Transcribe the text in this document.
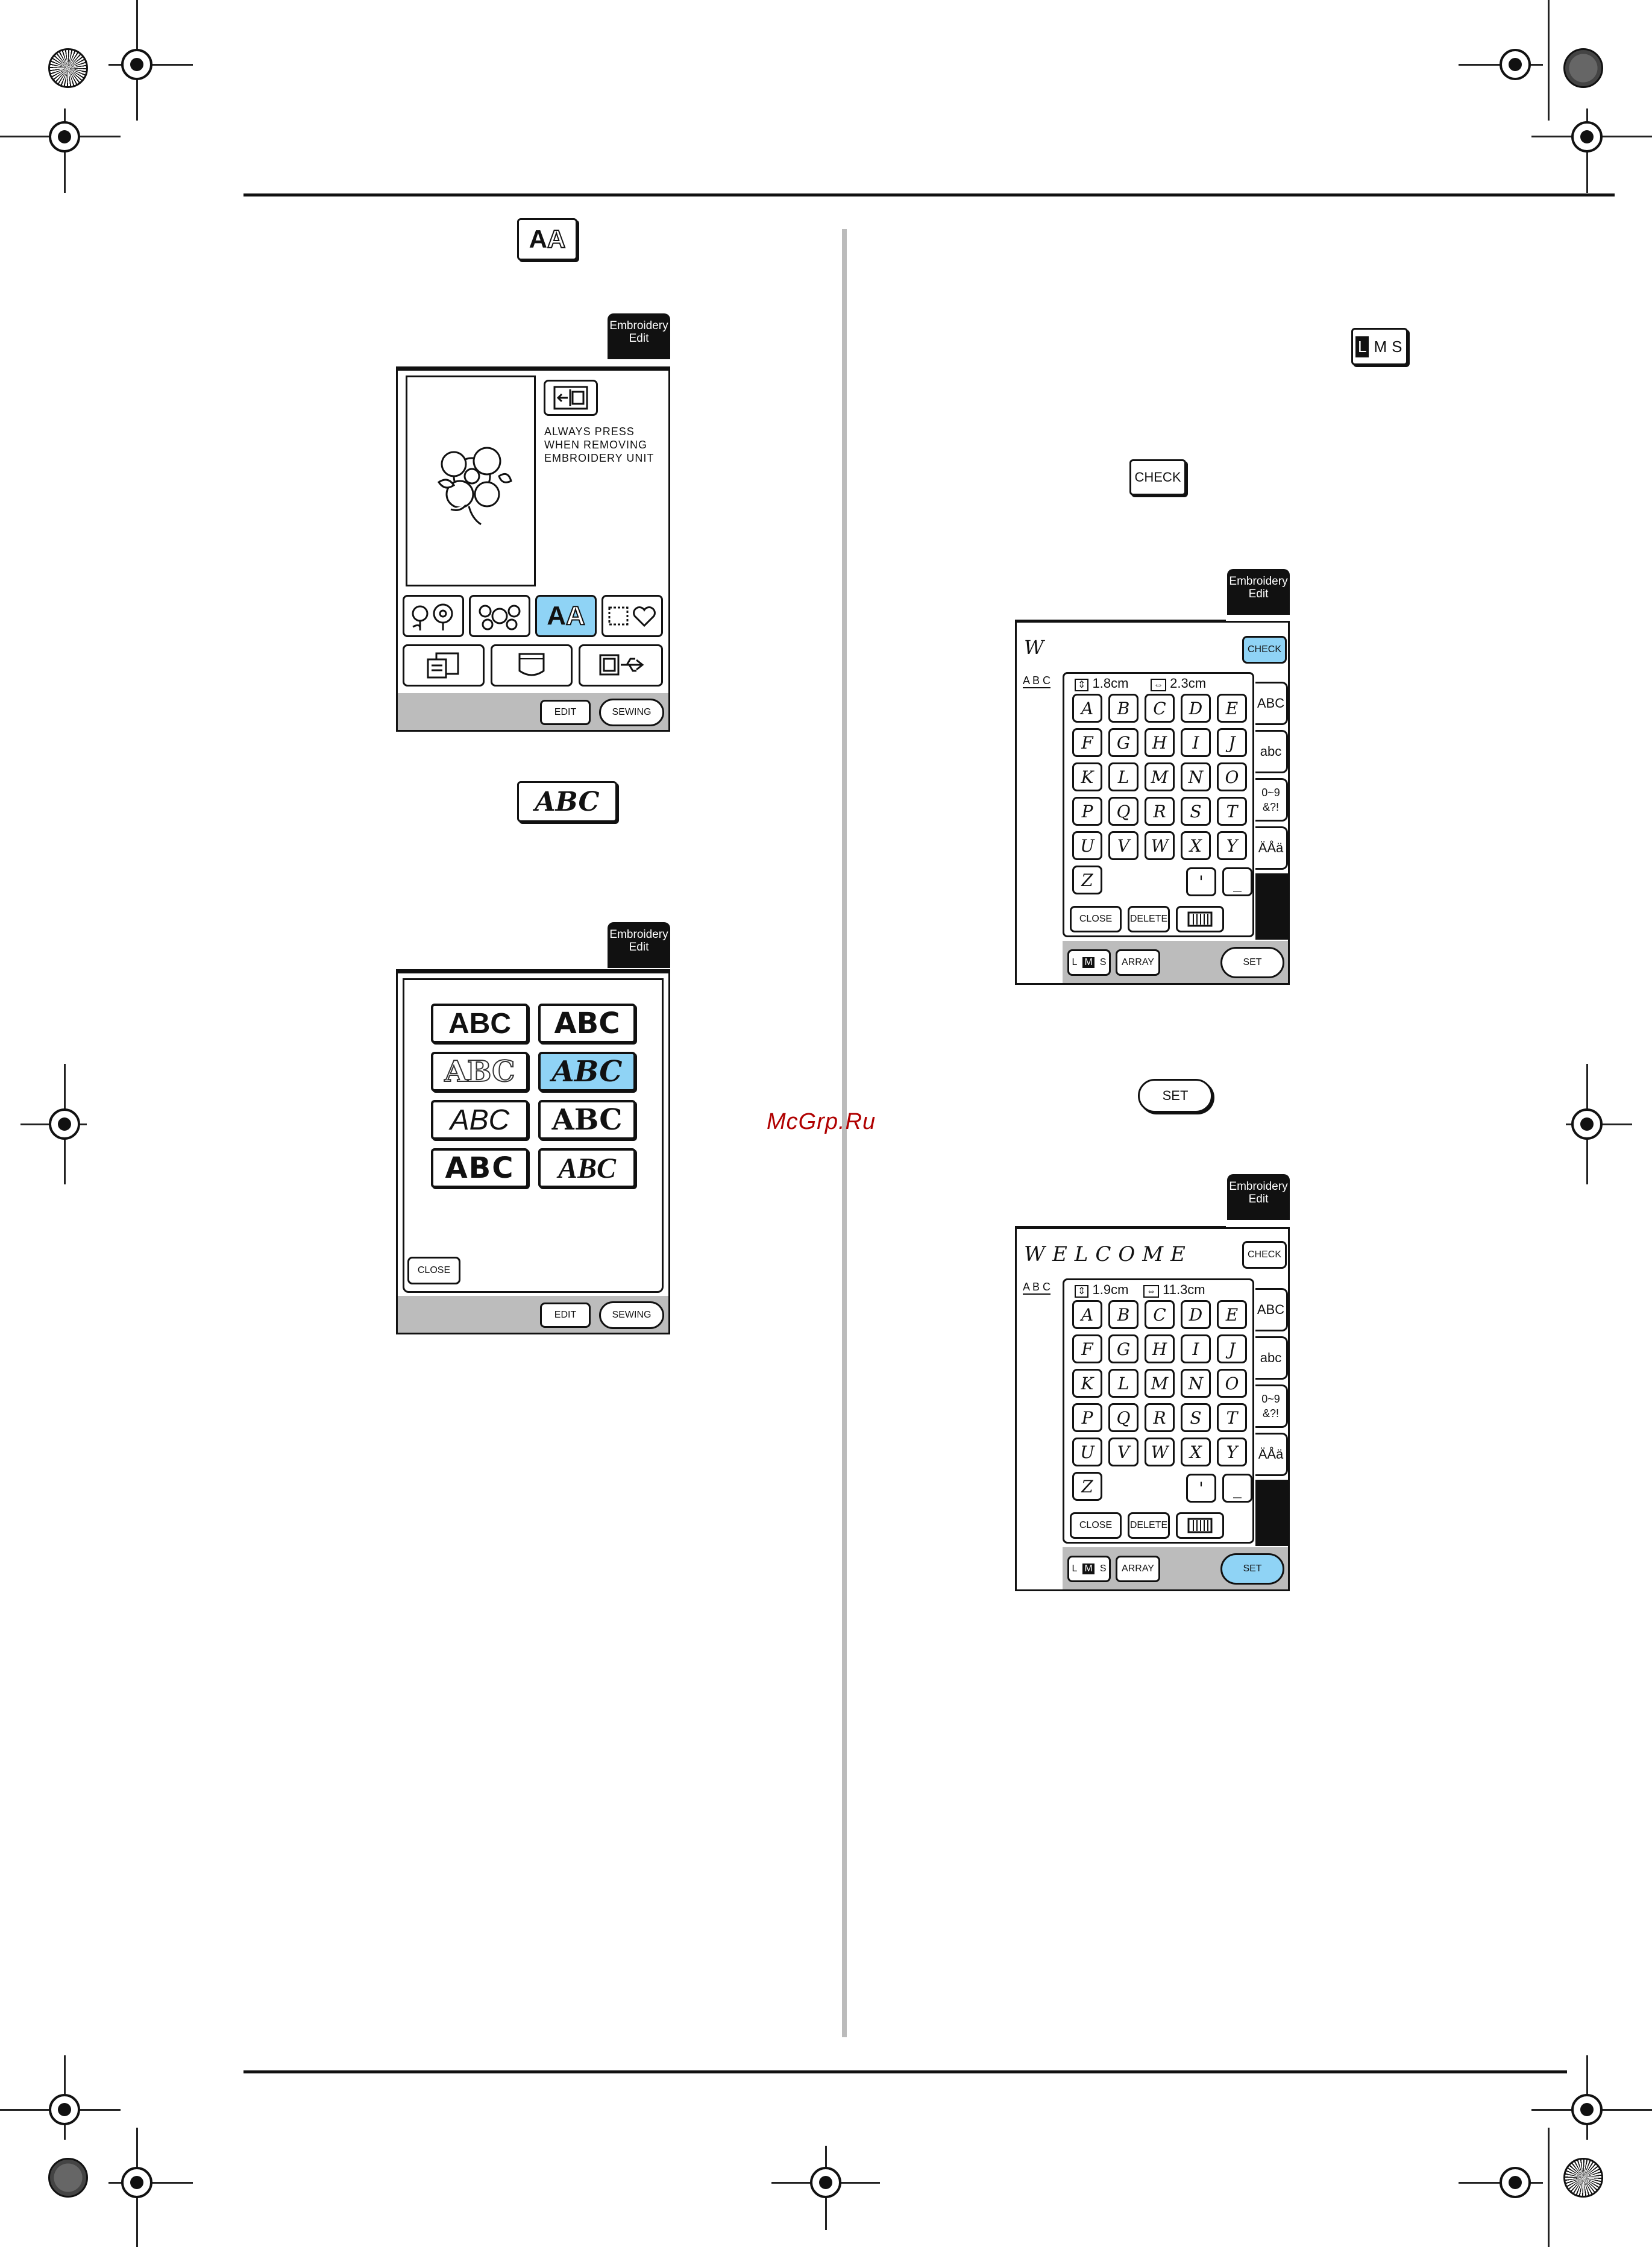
A A
Embroidery
Edit
ALWAYS PRESS
WHEN REMOVING
EMBROIDERY UNIT
A A
EDIT	SEWING
ABC
Embroidery
Edit
ABC	ABC
ABC	ABC
ABC	ABC
ABC	ABC
CLOSE
EDIT	SEWING
McGrp.Ru
L M S
CHECK
Embroidery
Edit
W	CHECK
A B C	⇕ 1.8cm	⇔ 2.3cm
A	B	C	D	E
F	G	H	I	J
K	L	M	N	O
P	Q	R	S	T
U	V	W	X	Y
Z	'	_
CLOSE	DELETE
ABC
abc
0~9 &?!
ÄÅä
L M S	ARRAY	SET
SET
Embroidery
Edit
WELCOME	CHECK
A B C	⇕ 1.9cm	⇔ 11.3cm
A	B	C	D	E
F	G	H	I	J
K	L	M	N	O
P	Q	R	S	T
U	V	W	X	Y
Z	'	_
CLOSE	DELETE
ABC
abc
0~9 &?!
ÄÅä
L M S	ARRAY	SET
